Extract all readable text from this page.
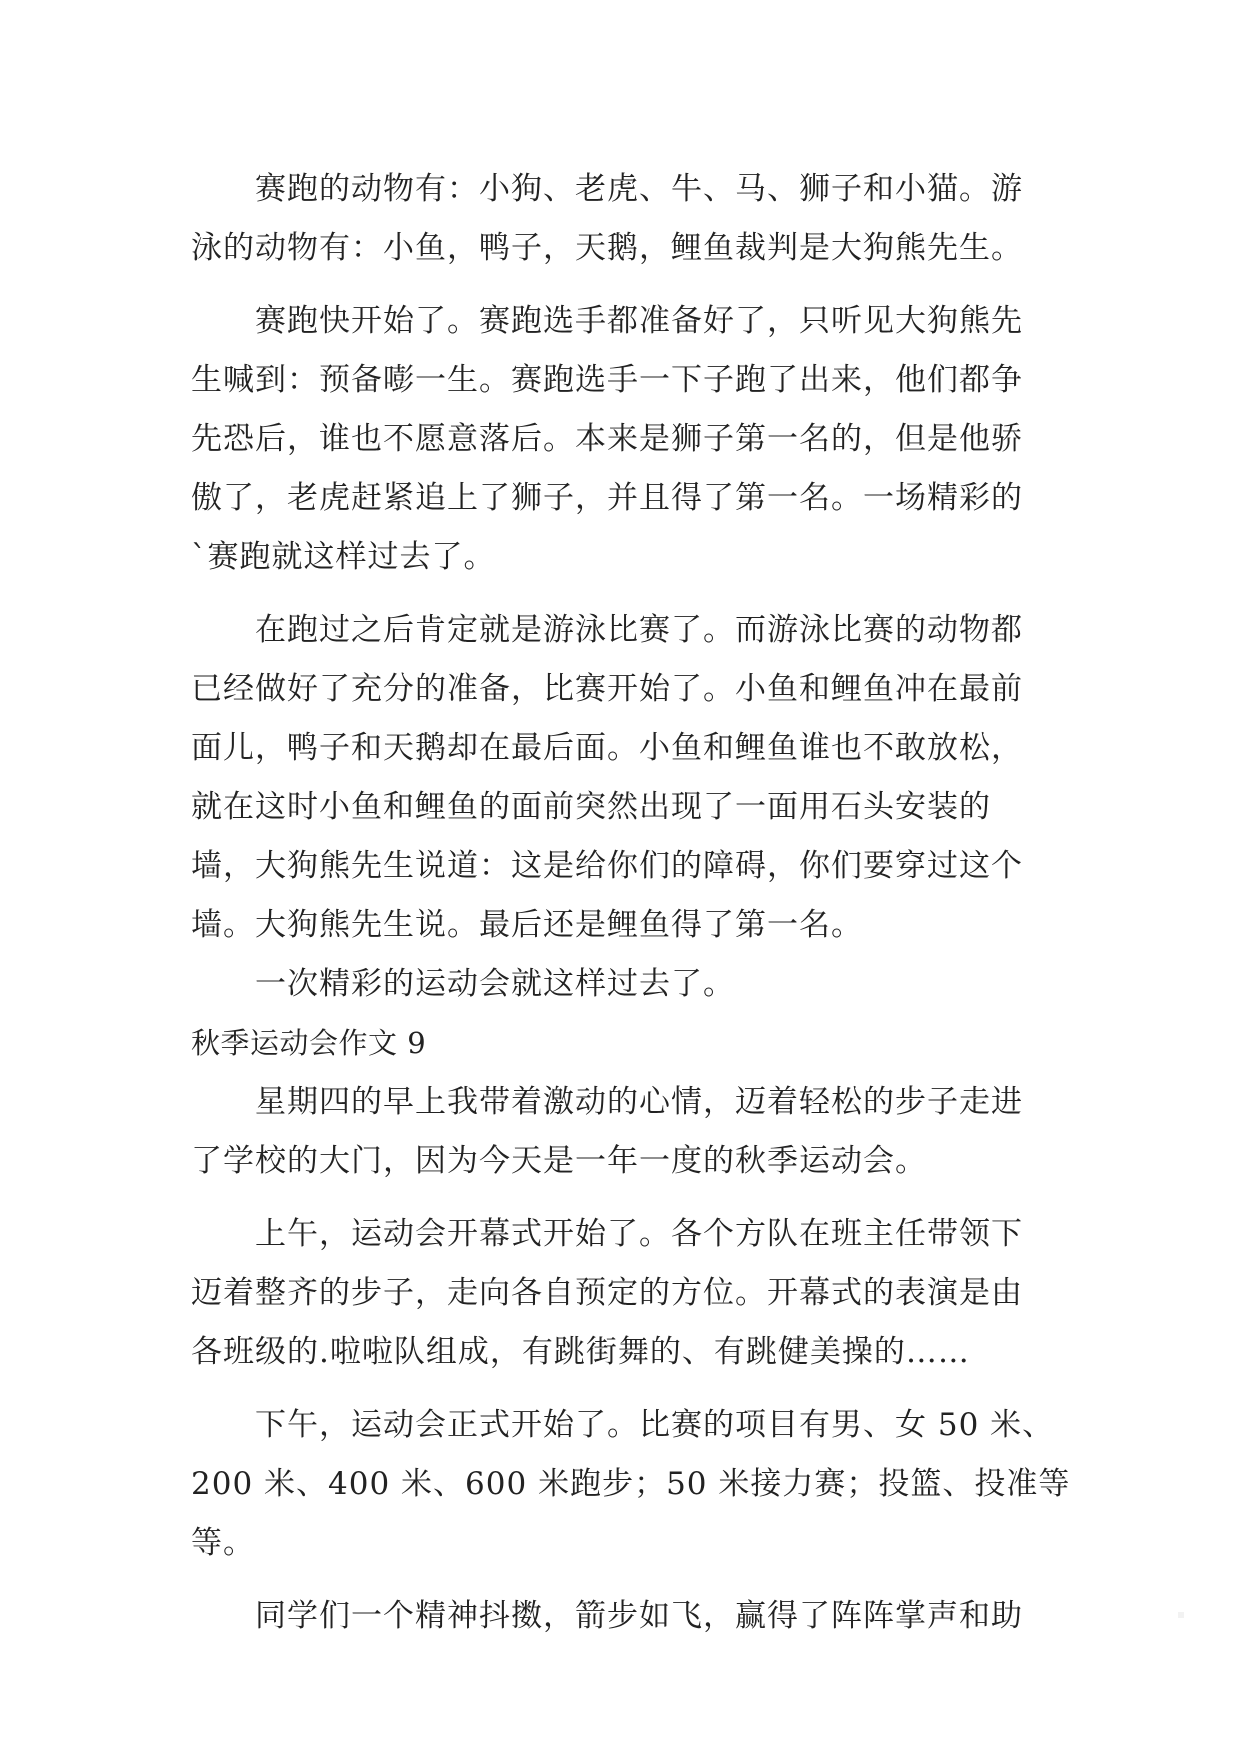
赛跑的动物有：小狗、老虎、牛、马、狮子和小猫。游
泳的动物有：小鱼，鸭子，天鹅，鲤鱼裁判是大狗熊先生。
赛跑快开始了。赛跑选手都准备好了，只听见大狗熊先
生喊到：预备嘭一生。赛跑选手一下子跑了出来，他们都争
先恐后，谁也不愿意落后。本来是狮子第一名的，但是他骄
傲了，老虎赶紧追上了狮子，并且得了第一名。一场精彩的
`赛跑就这样过去了。
在跑过之后肯定就是游泳比赛了。而游泳比赛的动物都
已经做好了充分的准备，比赛开始了。小鱼和鲤鱼冲在最前
面儿，鸭子和天鹅却在最后面。小鱼和鲤鱼谁也不敢放松，
就在这时小鱼和鲤鱼的面前突然出现了一面用石头安装的
墙，大狗熊先生说道：这是给你们的障碍，你们要穿过这个
墙。大狗熊先生说。最后还是鲤鱼得了第一名。
一次精彩的运动会就这样过去了。
秋季运动会作文 9
星期四的早上我带着激动的心情，迈着轻松的步子走进
了学校的大门，因为今天是一年一度的秋季运动会。
上午，运动会开幕式开始了。各个方队在班主任带领下
迈着整齐的步子，走向各自预定的方位。开幕式的表演是由
各班级的.啦啦队组成，有跳街舞的、有跳健美操的……
下午，运动会正式开始了。比赛的项目有男、女 50 米、
200 米、400 米、600 米跑步；50 米接力赛；投篮、投准等
等。
同学们一个精神抖擞，箭步如飞，赢得了阵阵掌声和助
